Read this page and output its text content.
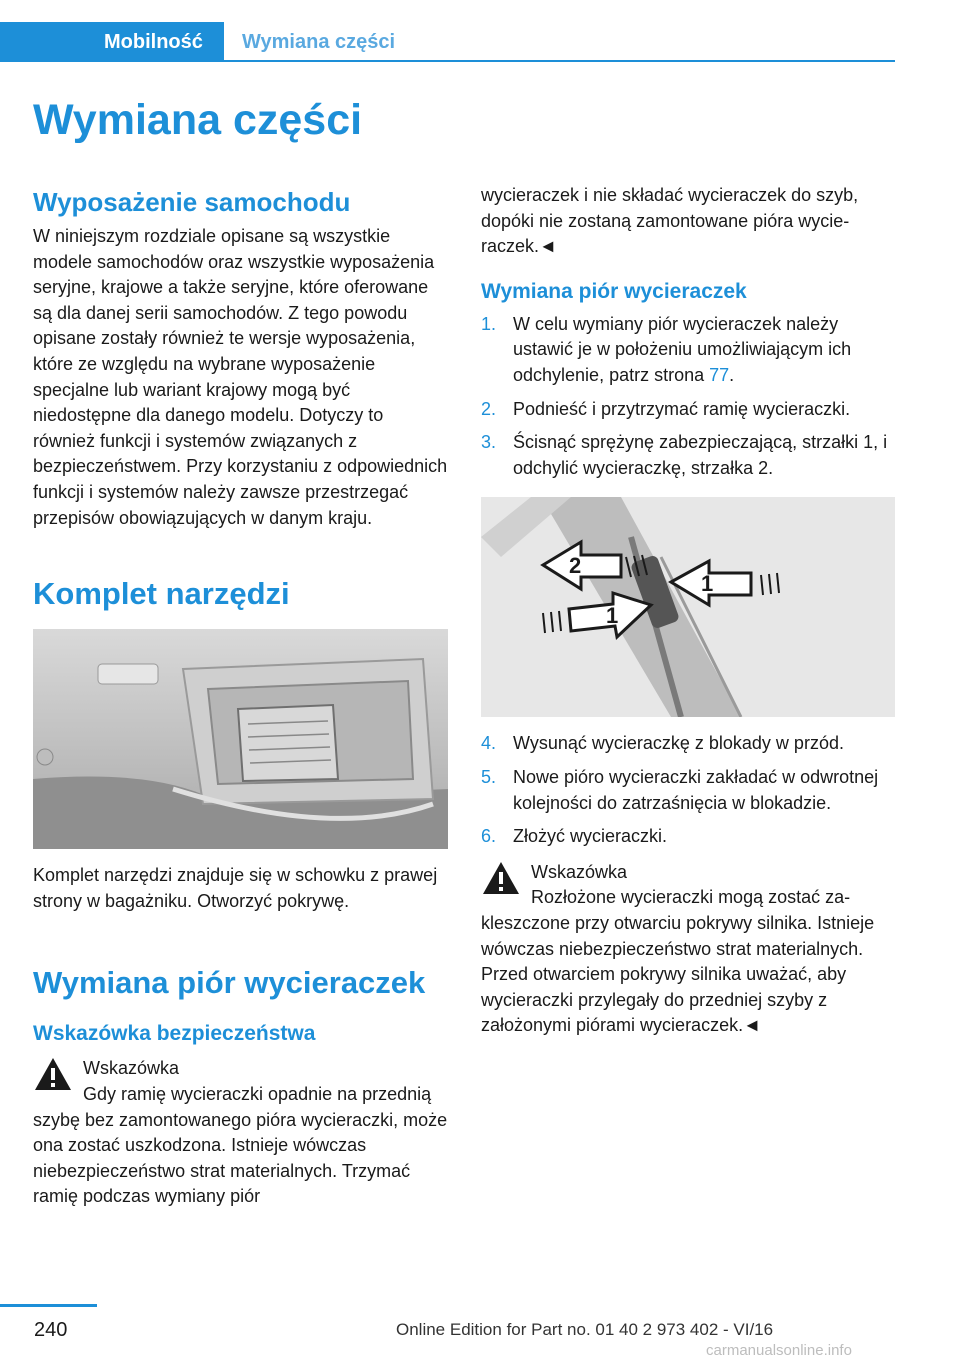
Mobilność	Wymiana części
Wymiana części
Wyposażenie samochodu

W niniejszym rozdziale opisane są wszystkie modele samochodów oraz wszystkie wyposażenia seryjne, krajowe a także seryjne, które oferowane są dla danej serii samochodów. Z tego powodu opisane zostały również te wersje wyposażenia, które ze względu na wybrane wyposażenie specjalne lub wariant krajowy mogą być niedostępne dla danego modelu. Dotyczy to również funkcji i systemów związanych z bezpieczeństwem. Przy korzystaniu z odpowiednich funkcji i systemów należy zawsze przestrzegać przepisów obowiązujących w danym kraju.

Komplet narzędzi

Komplet narzędzi znajduje się w schowku z prawej strony w bagażniku. Otworzyć pokrywę.

Wymiana piór wycieraczek
Wskazówka bezpieczeństwa
Wskazówka

Gdy ramię wycieraczki opadnie na przednią szybę bez zamontowanego pióra wycieraczki, może ona zostać uszkodzona. Istnieje wówczas niebezpieczeństwo strat materialnych. Trzymać ramię podczas wymiany piór

wycieraczek i nie składać wycieraczek do szyb, dopóki nie zostaną zamontowane pióra wycieraczek.◄

Wymiana piór wycieraczek
1. W celu wymiany piór wycieraczek należy ustawić je w położeniu umożliwiającym ich odchylenie, patrz strona 77.
2. Podnieść i przytrzymać ramię wycieraczki.
3. Ścisnąć sprężynę zabezpieczającą, strzałki 1, i odchylić wycieraczkę, strzałka 2.
2
1
1
4. Wysunąć wycieraczkę z blokady w przód.
5. Nowe pióro wycieraczki zakładać w odwrotnej kolejności do zatrzaśnięcia w blokadzie.
6. Złożyć wycieraczki.
Wskazówka

Rozłożone wycieraczki mogą zostać zakleszczone przy otwarciu pokrywy silnika. Istnieje wówczas niebezpieczeństwo strat materialnych. Przed otwarciem pokrywy silnika uważać, aby wycieraczki przylegały do przedniej szyby z założonymi piórami wycieraczek.◄

240	Online Edition for Part no. 01 40 2 973 402 - VI/16
carmanualsonline.info
